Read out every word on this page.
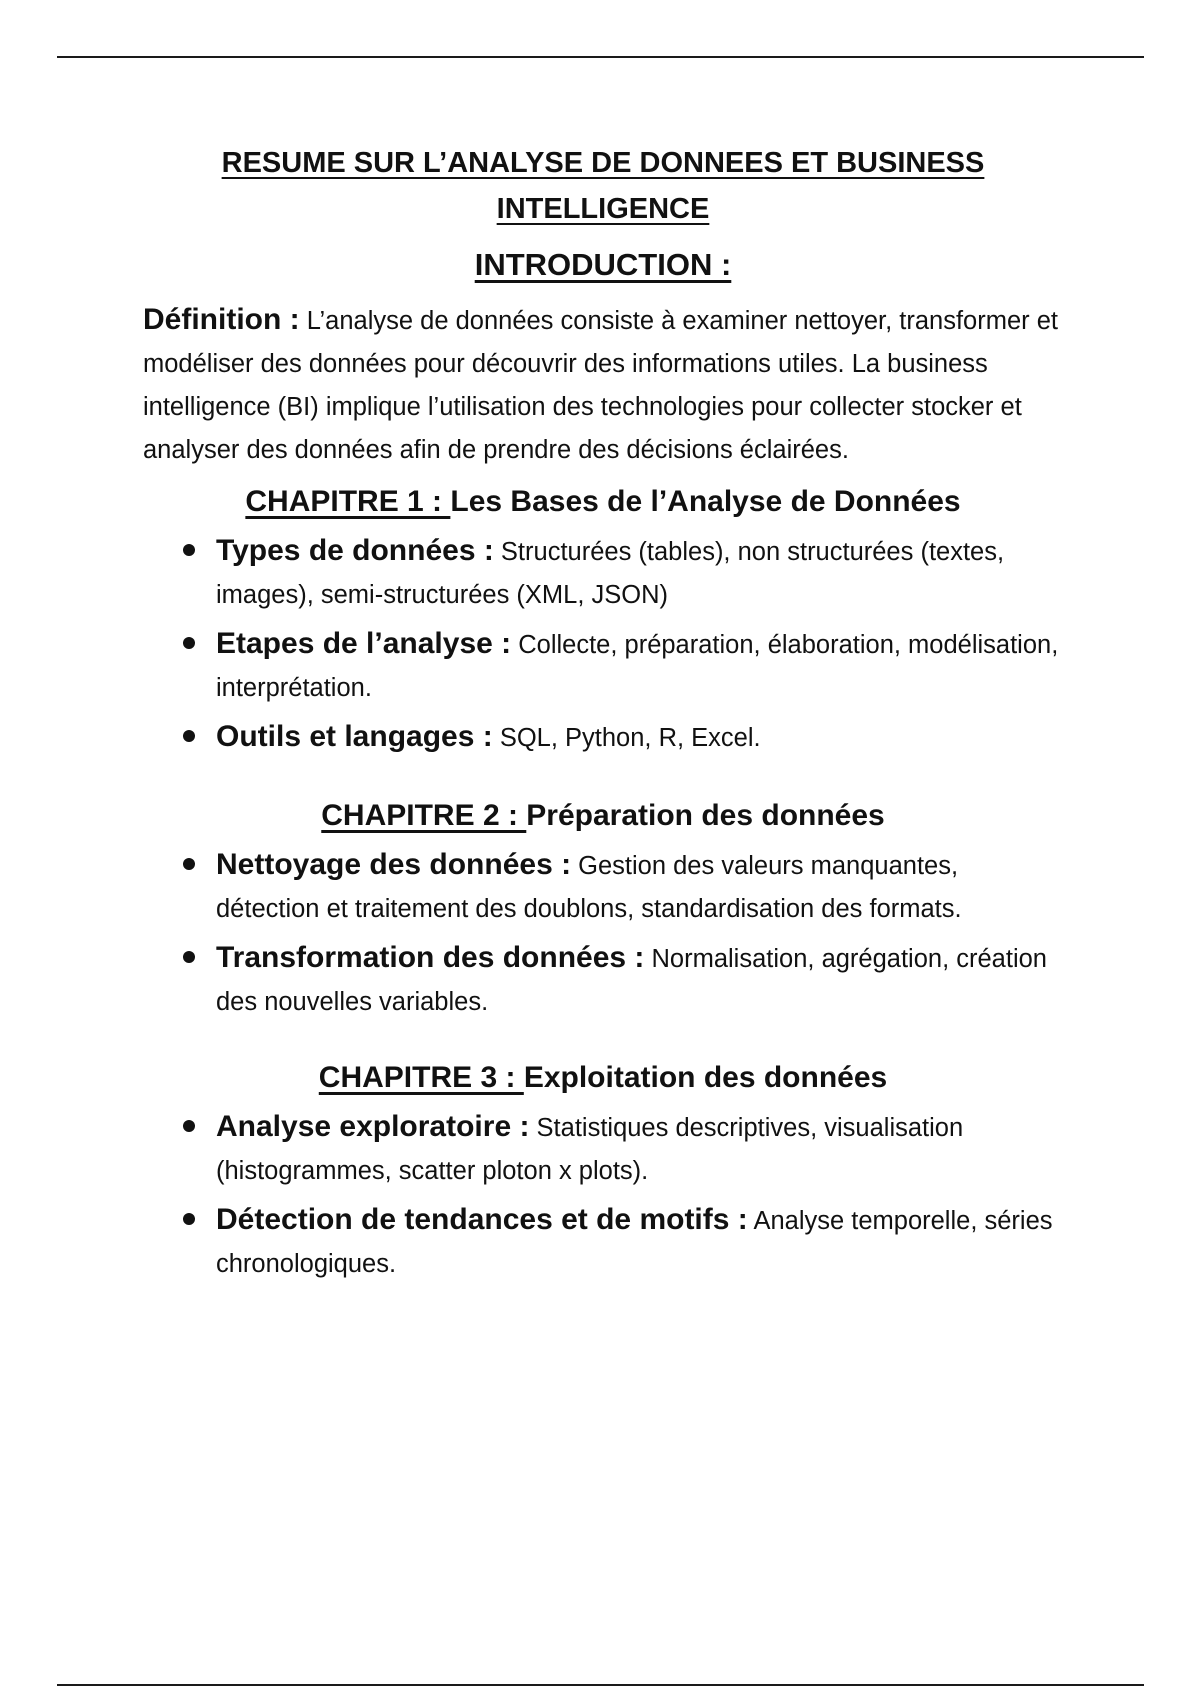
RESUME SUR L’ANALYSE DE DONNEES ET BUSINESS
INTELLIGENCE
INTRODUCTION :

Définition : L’analyse de données consiste à examiner nettoyer, transformer et modéliser des données pour découvrir des informations utiles. La business intelligence (BI) implique l’utilisation des technologies pour collecter stocker et analyser des données afin de prendre des décisions éclairées.

CHAPITRE 1 : Les Bases de l’Analyse de Données
Types de données : Structurées (tables), non structurées (textes, images), semi-structurées (XML, JSON)
Etapes de l’analyse : Collecte, préparation, élaboration, modélisation, interprétation.
Outils et langages : SQL, Python, R, Excel.
CHAPITRE 2 : Préparation des données
Nettoyage des données : Gestion des valeurs manquantes, détection et traitement des doublons, standardisation des formats.
Transformation des données : Normalisation, agrégation, création des nouvelles variables.
CHAPITRE 3 : Exploitation des données
Analyse exploratoire : Statistiques descriptives, visualisation (histogrammes, scatter ploton x plots).
Détection de tendances et de motifs : Analyse temporelle, séries chronologiques.
